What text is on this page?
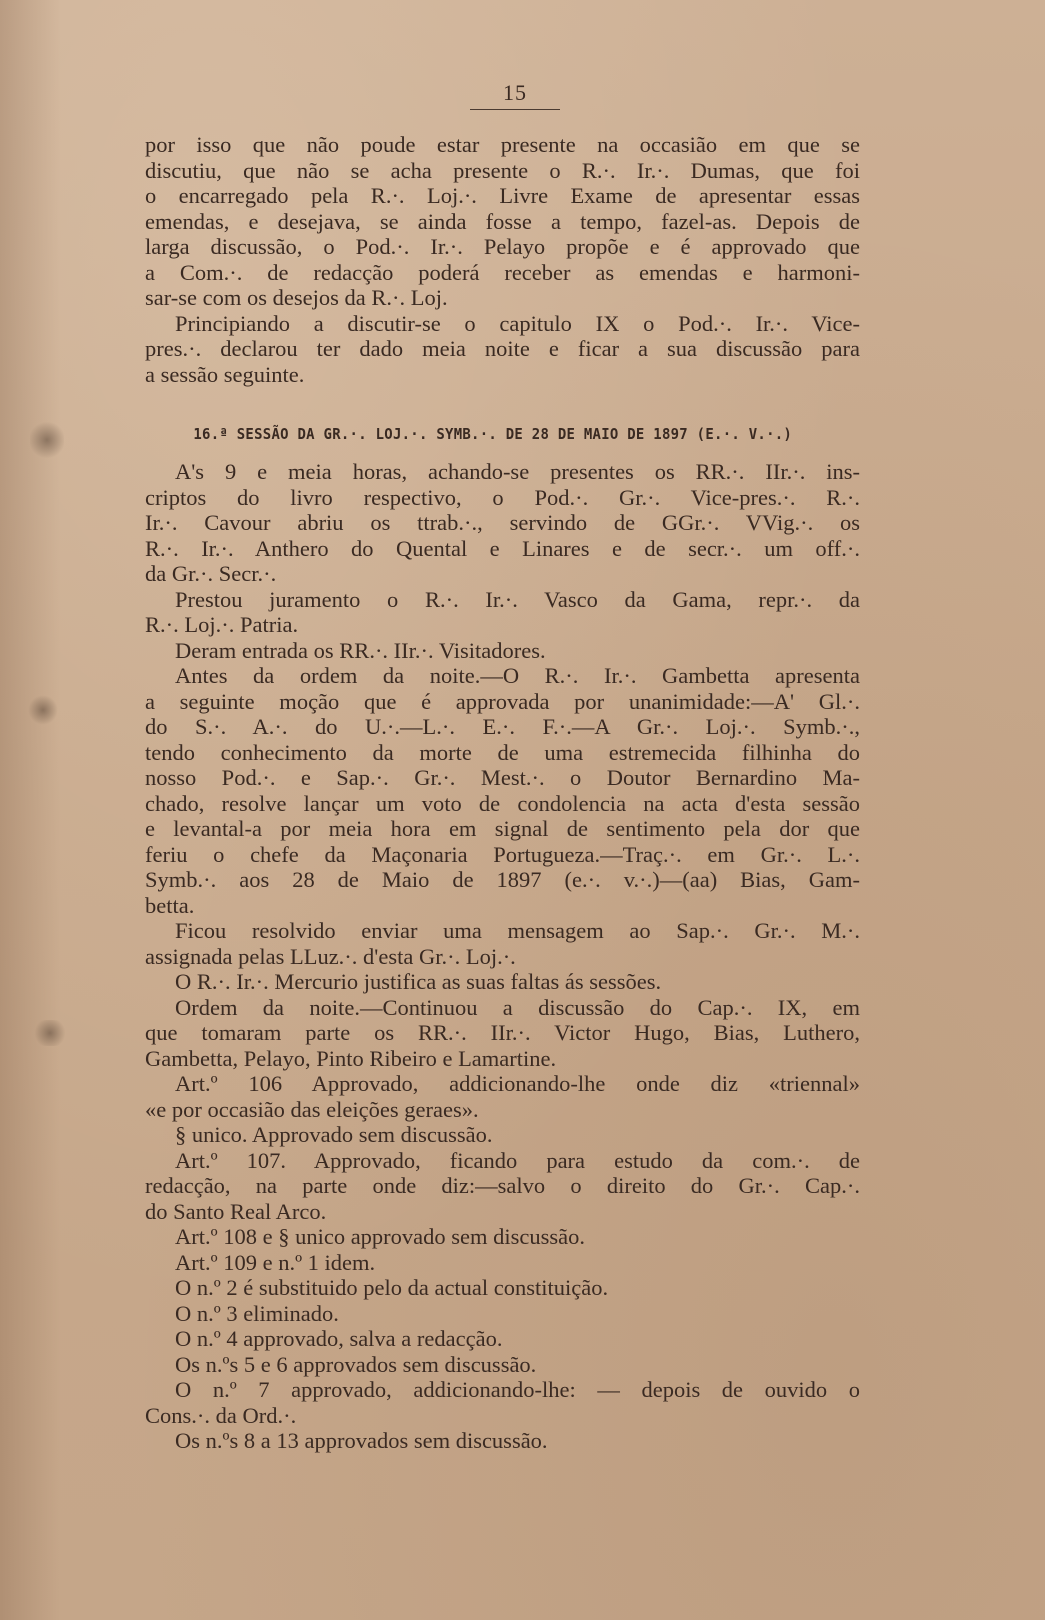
15
por isso que não poude estar presente na occasião em que se
discutiu, que não se acha presente o R.·. Ir.·. Dumas, que foi
o encarregado pela R.·. Loj.·. Livre Exame de apresentar essas
emendas, e desejava, se ainda fosse a tempo, fazel-as. Depois de
larga discussão, o Pod.·. Ir.·. Pelayo propõe e é approvado que
a Com.·. de redacção poderá receber as emendas e harmoni-
sar-se com os desejos da R.·. Loj.
Principiando a discutir-se o capitulo IX o Pod.·. Ir.·. Vice-
pres.·. declarou ter dado meia noite e ficar a sua discussão para
a sessão seguinte.
16.ª SESSÃO DA GR.·. LOJ.·. SYMB.·. DE 28 DE MAIO DE 1897 (E.·. V.·.)
A's 9 e meia horas, achando-se presentes os RR.·. IIr.·. ins-
criptos do livro respectivo, o Pod.·. Gr.·. Vice-pres.·. R.·.
Ir.·. Cavour abriu os ttrab.·., servindo de GGr.·. VVig.·. os
R.·. Ir.·. Anthero do Quental e Linares e de secr.·. um off.·.
da Gr.·. Secr.·.
Prestou juramento o R.·. Ir.·. Vasco da Gama, repr.·. da
R.·. Loj.·. Patria.
Deram entrada os RR.·. IIr.·. Visitadores.
Antes da ordem da noite.—O R.·. Ir.·. Gambetta apresenta
a seguinte moção que é approvada por unanimidade:—A' Gl.·.
do S.·. A.·. do U.·.—L.·. E.·. F.·.—A Gr.·. Loj.·. Symb.·.,
tendo conhecimento da morte de uma estremecida filhinha do
nosso Pod.·. e Sap.·. Gr.·. Mest.·. o Doutor Bernardino Ma-
chado, resolve lançar um voto de condolencia na acta d'esta sessão
e levantal-a por meia hora em signal de sentimento pela dor que
feriu o chefe da Maçonaria Portugueza.—Traç.·. em Gr.·. L.·.
Symb.·. aos 28 de Maio de 1897 (e.·. v.·.)—(aa) Bias, Gam-
betta.
Ficou resolvido enviar uma mensagem ao Sap.·. Gr.·. M.·.
assignada pelas LLuz.·. d'esta Gr.·. Loj.·.
O R.·. Ir.·. Mercurio justifica as suas faltas ás sessões.
Ordem da noite.—Continuou a discussão do Cap.·. IX, em
que tomaram parte os RR.·. IIr.·. Victor Hugo, Bias, Luthero,
Gambetta, Pelayo, Pinto Ribeiro e Lamartine.
Art.º 106 Approvado, addicionando-lhe onde diz «triennal»
«e por occasião das eleições geraes».
§ unico. Approvado sem discussão.
Art.º 107. Approvado, ficando para estudo da com.·. de
redacção, na parte onde diz:—salvo o direito do Gr.·. Cap.·.
do Santo Real Arco.
Art.º 108 e § unico approvado sem discussão.
Art.º 109 e n.º 1 idem.
O n.º 2 é substituido pelo da actual constituição.
O n.º 3 eliminado.
O n.º 4 approvado, salva a redacção.
Os n.ºs 5 e 6 approvados sem discussão.
O n.º 7 approvado, addicionando-lhe: — depois de ouvido o
Cons.·. da Ord.·.
Os n.ºs 8 a 13 approvados sem discussão.
